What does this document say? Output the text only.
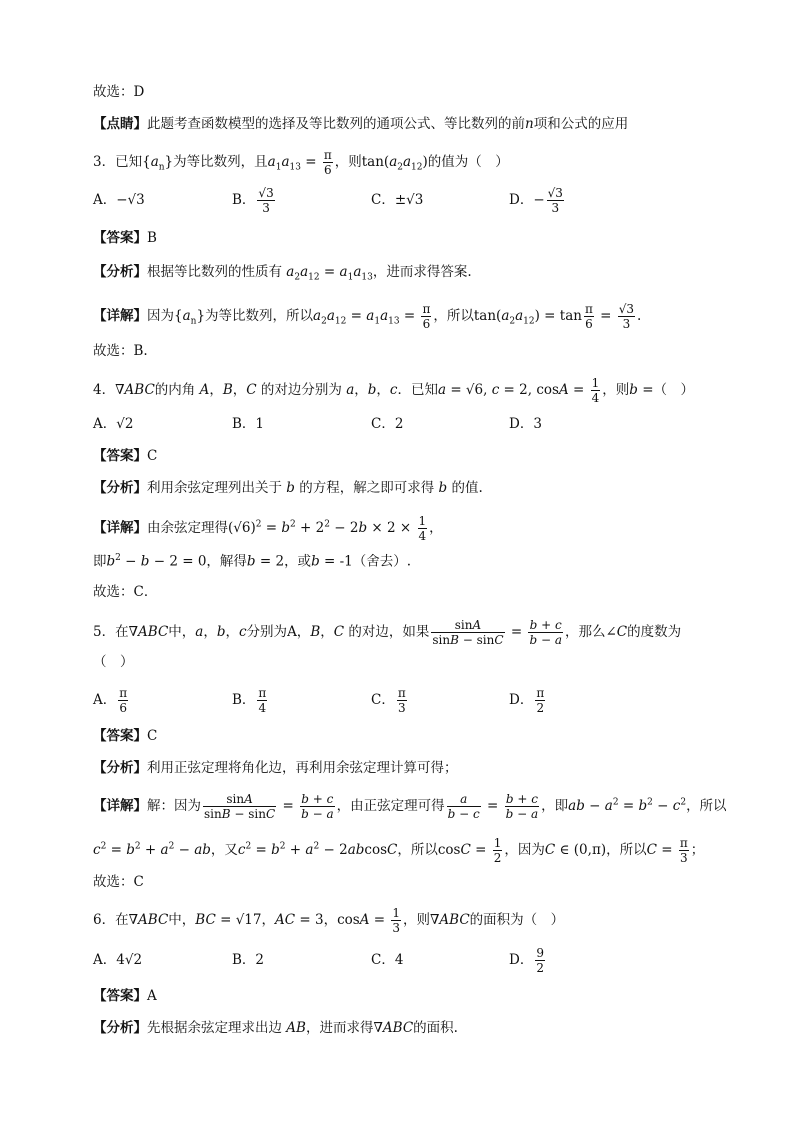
故选：D
【点睛】此题考查函数模型的选择及等比数列的通项公式、等比数列的前n项和公式的应用
3．已知$\{a_n\}$为等比数列，且$a_1a_{13} = \frac{\pi}{6}$ ，则$\tan(a_2a_{12})$的值为（　）
A．−√3	B． $\frac{√3}{3}$	C．±√3	D．− $\frac{√3}{3}$
【答案】B
【分析】根据等比数列的性质有 $a_2a_{12} = a_1a_{13}$，进而求得答案.
【详解】因为$\{a_n\}$为等比数列，所以$a_2a_{12} = a_1a_{13} = \frac{\pi}{6}$ ，所以$\tan(a_2a_{12}) = \tan \frac{\pi}{6} = \frac{√3}{3}$ .
故选：B.
4．∇ABC的内角 A，B，C 的对边分别为 a，b，c．已知a = √6, c = 2, $\cos A = \frac{1}{4}$ ，则b =（　）
A．√2	B．1	C．2	D．3
【答案】C
【分析】利用余弦定理列出关于 b 的方程，解之即可求得 b 的值.
【详解】由余弦定理得$(√6)^2 = b^2 + 2^2 - 2b \times 2 \times \frac{1}{4}$ ，
即$b^2 - b - 2 = 0$，解得b = 2，或b = -1（舍去）.
故选：C．
5．在∇ABC中，a，b，c分别为A，B，C 的对边，如果 $\frac{\sin A}{\sin B - \sin C} = \frac{b + c}{b - a}$ ，那么∠C的度数为
（　）
A． $\frac{\pi}{6}$	B． $\frac{\pi}{4}$	C． $\frac{\pi}{3}$	D． $\frac{\pi}{2}$
【答案】C
【分析】利用正弦定理将角化边，再利用余弦定理计算可得；
【详解】解：因为 $\frac{\sin A}{\sin B - \sin C} = \frac{b + c}{b - a}$ ，由正弦定理可得 $\frac{a}{b - c} = \frac{b + c}{b - a}$ ，即ab − $a^2 = b^2 - c^2$，所以
$c^2 = b^2 + a^2$ − ab，又$c^2 = b^2 + a^2 - 2abcosC$，所以$\cos C = \frac{1}{2}$ ，因为C ∈ (0,π)，所以$C = \frac{\pi}{3}$ ；
故选：C
6．在∇ABC中，BC = √17，AC = 3，$\cos A = \frac{1}{3}$ ，则∇ABC的面积为（　）
A．4√2	B．2	C．4	D． $\frac{9}{2}$
【答案】A
【分析】先根据余弦定理求出边 AB，进而求得∇ABC的面积.
